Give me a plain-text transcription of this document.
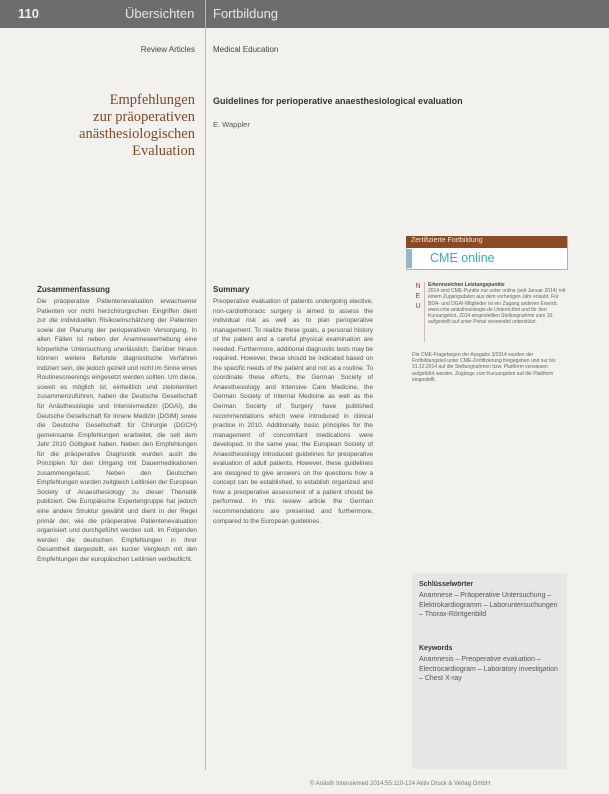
110	Übersichten Fortbildung
Review Articles Medical Education
Empfehlungen
zur präoperativen
anästhesiologischen
Evaluation
Guidelines for perioperative anaesthesiological evaluation
E. Wappler
Zusammenfassung	Summary
Die präoperative Patientenevaluation erwachsener Patienten vor nicht herzchirurgischen Eingriffen dient zur die individuellen Risikoeinschätzung der Patienten sowie der Planung der perioperativen Versorgung. In allen Fällen ist neben der Anamneseerhebung eine körperliche Untersuchung unerlässlich. Darüber hinaus können weitere Befunde diagnostische Verfahren indiziert sein, die jedoch gezielt und nicht im Sinne eines Routinescreenings eingesetzt werden sollten. Um diese, soweit es möglich ist, einheitlich und zielorientiert zusammenzuführen, haben die Deutsche Gesellschaft für Anästhesiologie und Intensivmedizin (DGAI), die Deutsche Gesellschaft für Innere Medizin (DGIM) sowie die Deutsche Gesellschaft für Chirurgie (DGCH) gemeinsame Empfehlungen erarbeitet, die seit dem Jahr 2010 Gültigkeit haben. Neben den Empfehlungen für die präoperative Diagnostik wurden auch die Prinzipien für den Umgang mit Dauermedikationen zusammengefasst. Neben den Deutschen Empfehlungen wurden zeitgleich Leitlinien der European Society of Anaesthesiology zu dieser Thematik publiziert. Die Europäische Expertengruppe hat jedoch eine andere Struktur gewählt und dient in der Regel primär der, wie die präoperative Patientenevaluation organisiert und durchgeführt werden soll. Im Folgenden werden die deutschen Empfehlungen in ihrer Gesamtheit dargestellt, ein kurzer Vergleich mit den Empfehlungen der europäischen Leitlinien verdeutlicht.
Preoperative evaluation of patients undergoing elective, non-cardiothoracic surgery is aimed to assess the individual risk as well as to plan perioperative management. To realize these goals, a personal history of the patient and a careful physical examination are needed. Furthermore, additional diagnostic tests may be required. However, these should be indicated based on the specific needs of the patient and not as a routine. To coordinate these efforts, the German Society of Anaesthesiology and Intensive Care Medicine, the German Society of Internal Medicine as well as the German Society of Surgery have published recommendations which were introduced in clinical practice in 2010. Additionally, basic principles for the management of concomitant medications were developed. In the same year, the European Society of Anaesthesiology introduced guidelines for preoperative evaluation of adult patients. However, these guidelines are designed to give answers on the questions how a concept can be established, to establish organized and how a preoperative assessment of a patient should be performed. In this review article the German recommendations are presented and furthermore, compared to the European guidelines.
Zertifizierte Fortbildung
CME online
N
E
U
Erkennzeichen Leistungspunkte
2014 sind CME-Punkte nur unter online (seit Januar 2014) mit einem Zugangsdaten aus dem vorherigen Jahr erlaubt. Für BDA- und DGAI-Mitglieder ist ein Zugang anderen Erwerb. www.cme-anästhesiologie.de Unterrichtet und für den Kursangebot, 2014 eingestellten Stellungnahme zum 10. aufgestellt auf unter Portal verwendet unterstützt.
Die CME-Fragebogen der Ausgabe 3/2014 wurden der Fortbildungsteil unter CME-Zertifizierung freigegeben und nur bis 31.12.2014 auf die Stellungnahmen bzw. Plattform verwiesen aufgeführt werden. Zugänge zum Kursangebot auf die Plattform eingestellt.
Schlüsselwörter
Anamnese – Präoperative Untersuchung – Elektrokardiogramm – Laboruntersuchungen – Thorax-Röntgenbild
Keywords
Anamnesis – Preoperative evaluation – Electrocardiogram – Laboratory investigation – Chest X-ray
© Anästh Intensivmed 2014;55:110-124 Aktiv Druck & Verlag GmbH
